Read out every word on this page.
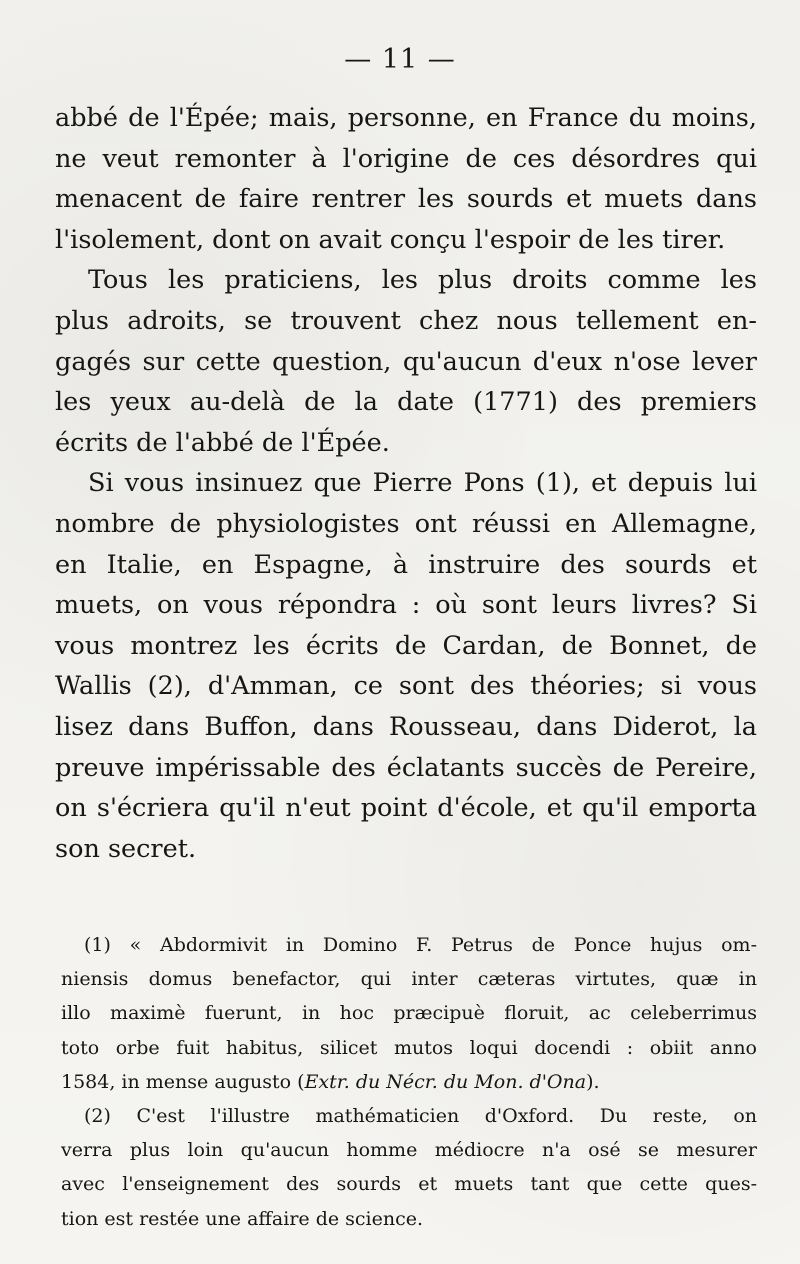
— 11 —
abbé de l'Épée; mais, personne, en France du moins,
ne veut remonter à l'origine de ces désordres qui
menacent de faire rentrer les sourds et muets dans
l'isolement, dont on avait conçu l'espoir de les tirer.
Tous les praticiens, les plus droits comme les
plus adroits, se trouvent chez nous tellement en-
gagés sur cette question, qu'aucun d'eux n'ose lever
les yeux au-delà de la date (1771) des premiers
écrits de l'abbé de l'Épée.
Si vous insinuez que Pierre Pons (1), et depuis lui
nombre de physiologistes ont réussi en Allemagne,
en Italie, en Espagne, à instruire des sourds et
muets, on vous répondra : où sont leurs livres? Si
vous montrez les écrits de Cardan, de Bonnet, de
Wallis (2), d'Amman, ce sont des théories; si vous
lisez dans Buffon, dans Rousseau, dans Diderot, la
preuve impérissable des éclatants succès de Pereire,
on s'écriera qu'il n'eut point d'école, et qu'il emporta
son secret.
(1) « Abdormivit in Domino F. Petrus de Ponce hujus om-
niensis domus benefactor, qui inter cæteras virtutes, quæ in
illo maximè fuerunt, in hoc præcipuè floruit, ac celeberrimus
toto orbe fuit habitus, silicet mutos loqui docendi : obiit anno
1584, in mense augusto (Extr. du Nécr. du Mon. d'Ona).
(2) C'est l'illustre mathématicien d'Oxford. Du reste, on
verra plus loin qu'aucun homme médiocre n'a osé se mesurer
avec l'enseignement des sourds et muets tant que cette ques-
tion est restée une affaire de science.
